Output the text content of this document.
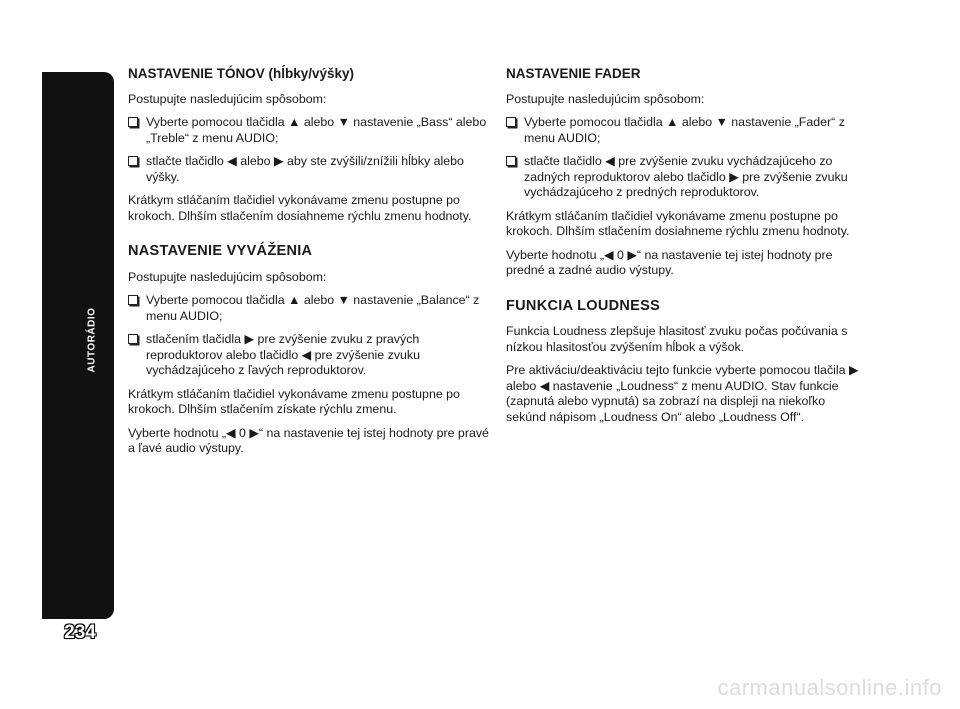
AUTORÁDIO
234
NASTAVENIE TÓNOV (hĺbky/výšky)

Postupujte nasledujúcim spôsobom:

Vyberte pomocou tlačidla ▲ alebo ▼ nastavenie „Bass“ alebo „Treble“ z menu AUDIO;

stlačte tlačidlo ◀ alebo ▶ aby ste zvýšili/znížili hĺbky alebo výšky.

Krátkym stláčaním tlačidiel vykonávame zmenu postupne po krokoch. Dlhším stlačením dosiahneme rýchlu zmenu hodnoty.

NASTAVENIE VYVÁŽENIA

Postupujte nasledujúcim spôsobom:

Vyberte pomocou tlačidla ▲ alebo ▼ nastavenie „Balance“ z menu AUDIO;

stlačením tlačidla ▶ pre zvýšenie zvuku z pravých reproduktorov alebo tlačidlo ◀ pre zvýšenie zvuku vychádzajúceho z ľavých reproduktorov.

Krátkym stláčaním tlačidiel vykonávame zmenu postupne po krokoch. Dlhším stlačením získate rýchlu zmenu.

Vyberte hodnotu „◀ 0 ▶“ na nastavenie tej istej hodnoty pre pravé a ľavé audio výstupy.

NASTAVENIE FADER

Postupujte nasledujúcim spôsobom:

Vyberte pomocou tlačidla ▲ alebo ▼ nastavenie „Fader“ z menu AUDIO;

stlačte tlačidlo ◀ pre zvýšenie zvuku vychádzajúceho zo zadných reproduktorov alebo tlačidlo ▶ pre zvýšenie zvuku vychádzajúceho z predných reproduktorov.

Krátkym stláčaním tlačidiel vykonávame zmenu postupne po krokoch. Dlhším stlačením dosiahneme rýchlu zmenu hodnoty.

Vyberte hodnotu „◀ 0 ▶“ na nastavenie tej istej hodnoty pre predné a zadné audio výstupy.

FUNKCIA LOUDNESS

Funkcia Loudness zlepšuje hlasitosť zvuku počas počúvania s nízkou hlasitosťou zvýšením hĺbok a výšok.

Pre aktiváciu/deaktiváciu tejto funkcie vyberte pomocou tlačila ▶ alebo ◀ nastavenie „Loudness“ z menu AUDIO. Stav funkcie (zapnutá alebo vypnutá) sa zobrazí na displeji na niekoľko sekúnd nápisom „Loudness On“ alebo „Loudness Off“.

carmanualsonline.info
